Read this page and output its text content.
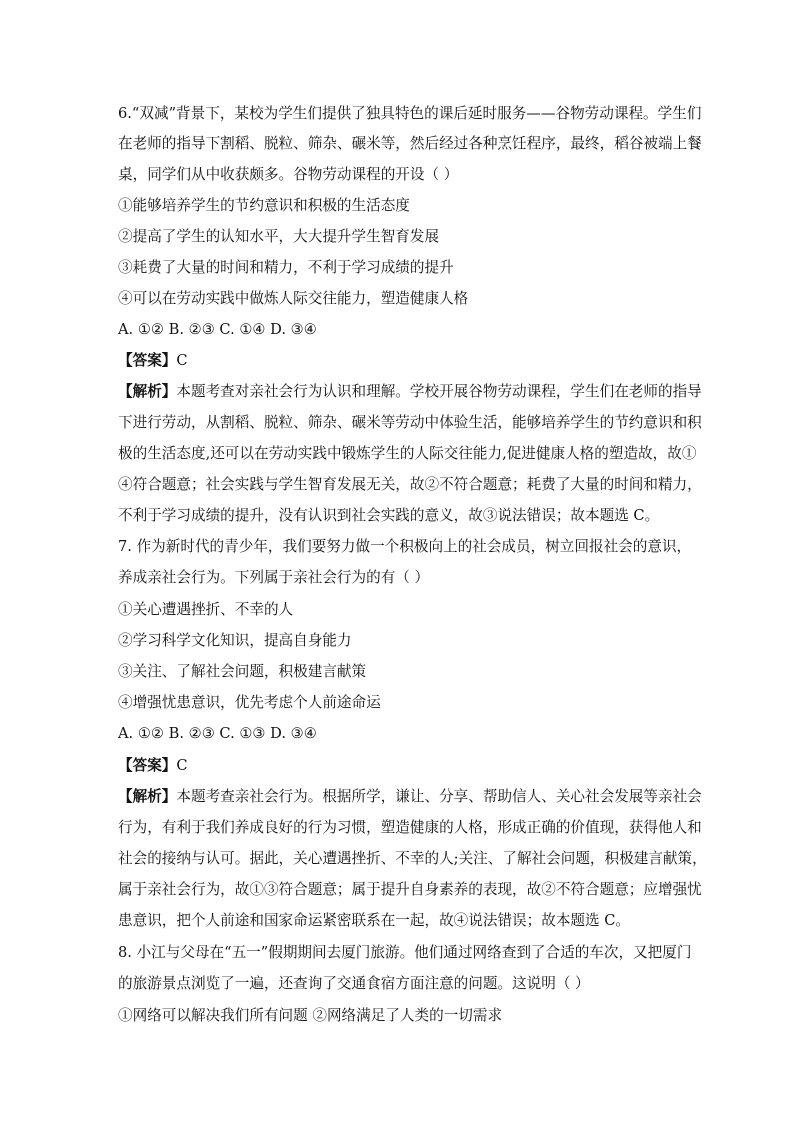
6.“双减”背景下，某校为学生们提供了独具特色的课后延时服务——谷物劳动课程。学生们
在老师的指导下割稻、脱粒、筛杂、碾米等，然后经过各种烹饪程序，最终，稻谷被端上餐
桌，同学们从中收获颇多。谷物劳动课程的开设（ ）
①能够培养学生的节约意识和积极的生活态度
②提高了学生的认知水平，大大提升学生智育发展
③耗费了大量的时间和精力，不利于学习成绩的提升
④可以在劳动实践中做炼人际交往能力，塑造健康人格
A. ①② B. ②③ C. ①④ D. ③④
【答案】C
【解析】本题考查对亲社会行为认识和理解。学校开展谷物劳动课程，学生们在老师的指导
下进行劳动，从割稻、脱粒、筛杂、碾米等劳动中体验生活，能够培养学生的节约意识和积
极的生活态度,还可以在劳动实践中锻炼学生的人际交往能力,促进健康人格的塑造故，故①
④符合题意；社会实践与学生智育发展无关，故②不符合题意；耗费了大量的时间和精力，
不利于学习成绩的提升，没有认识到社会实践的意义，故③说法错误；故本题选 C。
7. 作为新时代的青少年，我们要努力做一个积极向上的社会成员，树立回报社会的意识，
养成亲社会行为。下列属于亲社会行为的有（ ）
①关心遭遇挫折、不幸的人
②学习科学文化知识，提高自身能力
③关注、了解社会问题，积极建言献策
④增强忧患意识，优先考虑个人前途命运
A. ①② B. ②③ C. ①③ D. ③④
【答案】C
【解析】本题考查亲社会行为。根据所学，谦让、分享、帮助信人、关心社会发展等亲社会
行为，有利于我们养成良好的行为习惯，塑造健康的人格，形成正确的价值现，获得他人和
社会的接纳与认可。据此，关心遭遇挫折、不幸的人;关注、了解社会问题，积极建言献策，
属于亲社会行为，故①③符合题意；属于提升自身素养的表现，故②不符合题意；应增强忧
患意识，把个人前途和国家命运紧密联系在一起，故④说法错误；故本题选 C。
8. 小江与父母在“五一”假期期间去厦门旅游。他们通过网络查到了合适的车次，又把厦门
的旅游景点浏览了一遍，还查询了交通食宿方面注意的问题。这说明（ ）
①网络可以解决我们所有问题 ②网络满足了人类的一切需求
